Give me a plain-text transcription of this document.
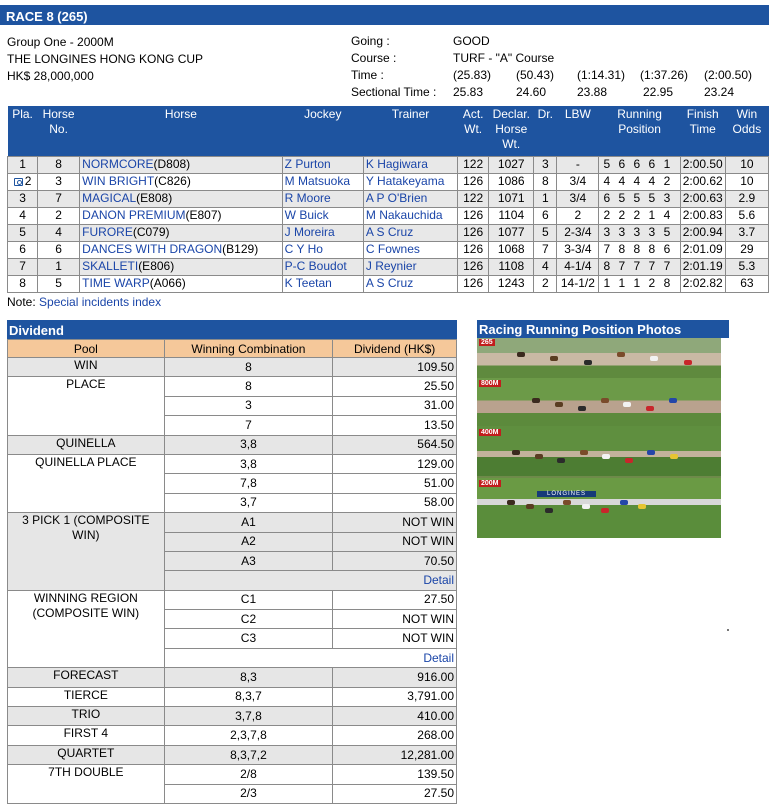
RACE 8 (265)
Group One - 2000M
THE LONGINES HONG KONG CUP
HK$ 28,000,000
Going :	GOOD
Course :	TURF - "A" Course
Time :	(25.83) (50.43) (1:14.31) (1:37.26) (2:00.50)
Sectional Time : 25.83	24.60	23.88	22.95	23.24
Pla.	Horse No.	Horse	Jockey	Trainer	Act. Wt.	Declar. Horse Wt.	Dr.	LBW	Running Position	Finish Time	Win Odds
1	8	NORMCORE(D808)	Z Purton	K Hagiwara	122	1027	3	-	5 6 6 6 1	2:00.50	10
2	3	WIN BRIGHT(C826)	M Matsuoka	Y Hatakeyama	126	1086	8	3/4	4 4 4 4 2	2:00.62	10
3	7	MAGICAL(E808)	R Moore	A P O'Brien	122	1071	1	3/4	6 5 5 5 3	2:00.63	2.9
4	2	DANON PREMIUM(E807)	W Buick	M Nakauchida	126	1104	6	2	2 2 2 1 4	2:00.83	5.6
5	4	FURORE(C079)	J Moreira	A S Cruz	126	1077	5	2-3/4	3 3 3 3 5	2:00.94	3.7
6	6	DANCES WITH DRAGON(B129)	C Y Ho	C Fownes	126	1068	7	3-3/4	7 8 8 8 6	2:01.09	29
7	1	SKALLETI(E806)	P-C Boudot	J Reynier	126	1108	4	4-1/4	8 7 7 7 7	2:01.19	5.3
8	5	TIME WARP(A066)	K Teetan	A S Cruz	126	1243	2	14-1/2	1 1 1 2 8	2:02.82	63
Note: Special incidents index
Dividend
Pool	Winning Combination	Dividend (HK$)
WIN	8	109.50
PLACE	8	25.50
	3	31.00
	7	13.50
QUINELLA	3,8	564.50
QUINELLA PLACE	3,8	129.00
	7,8	51.00
	3,7	58.00
3 PICK 1 (COMPOSITE WIN)	A1	NOT WIN
	A2	NOT WIN
	A3	70.50
	Detail	
WINNING REGION (COMPOSITE WIN)	C1	27.50
	C2	NOT WIN
	C3	NOT WIN
	Detail	
FORECAST	8,3	916.00
TIERCE	8,3,7	3,791.00
TRIO	3,7,8	410.00
FIRST 4	2,3,7,8	268.00
QUARTET	8,3,7,2	12,281.00
7TH DOUBLE	2/8	139.50
	2/3	27.50
Racing Running Position Photos
265
800M
400M
200M
LONGINES
